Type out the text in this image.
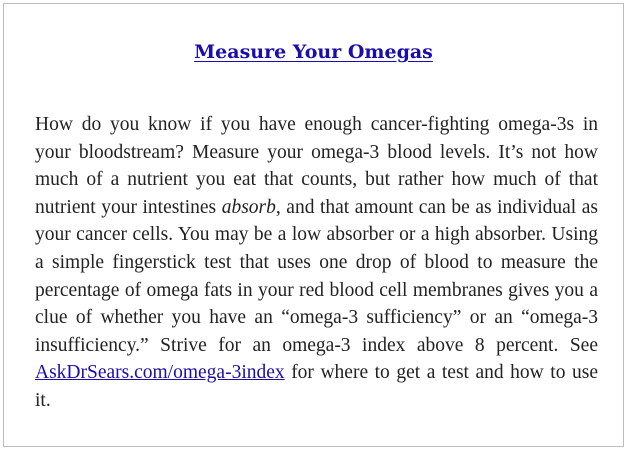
Measure Your Omegas

How do you know if you have enough cancer-fighting omega-3s in your bloodstream? Measure your omega-3 blood levels. It’s not how much of a nutrient you eat that counts, but rather how much of that nutrient your intestines absorb, and that amount can be as individual as your cancer cells. You may be a low absorber or a high absorber. Using a simple fingerstick test that uses one drop of blood to measure the percentage of omega fats in your red blood cell membranes gives you a clue of whether you have an “omega-3 sufficiency” or an “omega-3 insufficiency.” Strive for an omega-3 index above 8 percent. See AskDrSears.com/omega-3index for where to get a test and how to use it.
